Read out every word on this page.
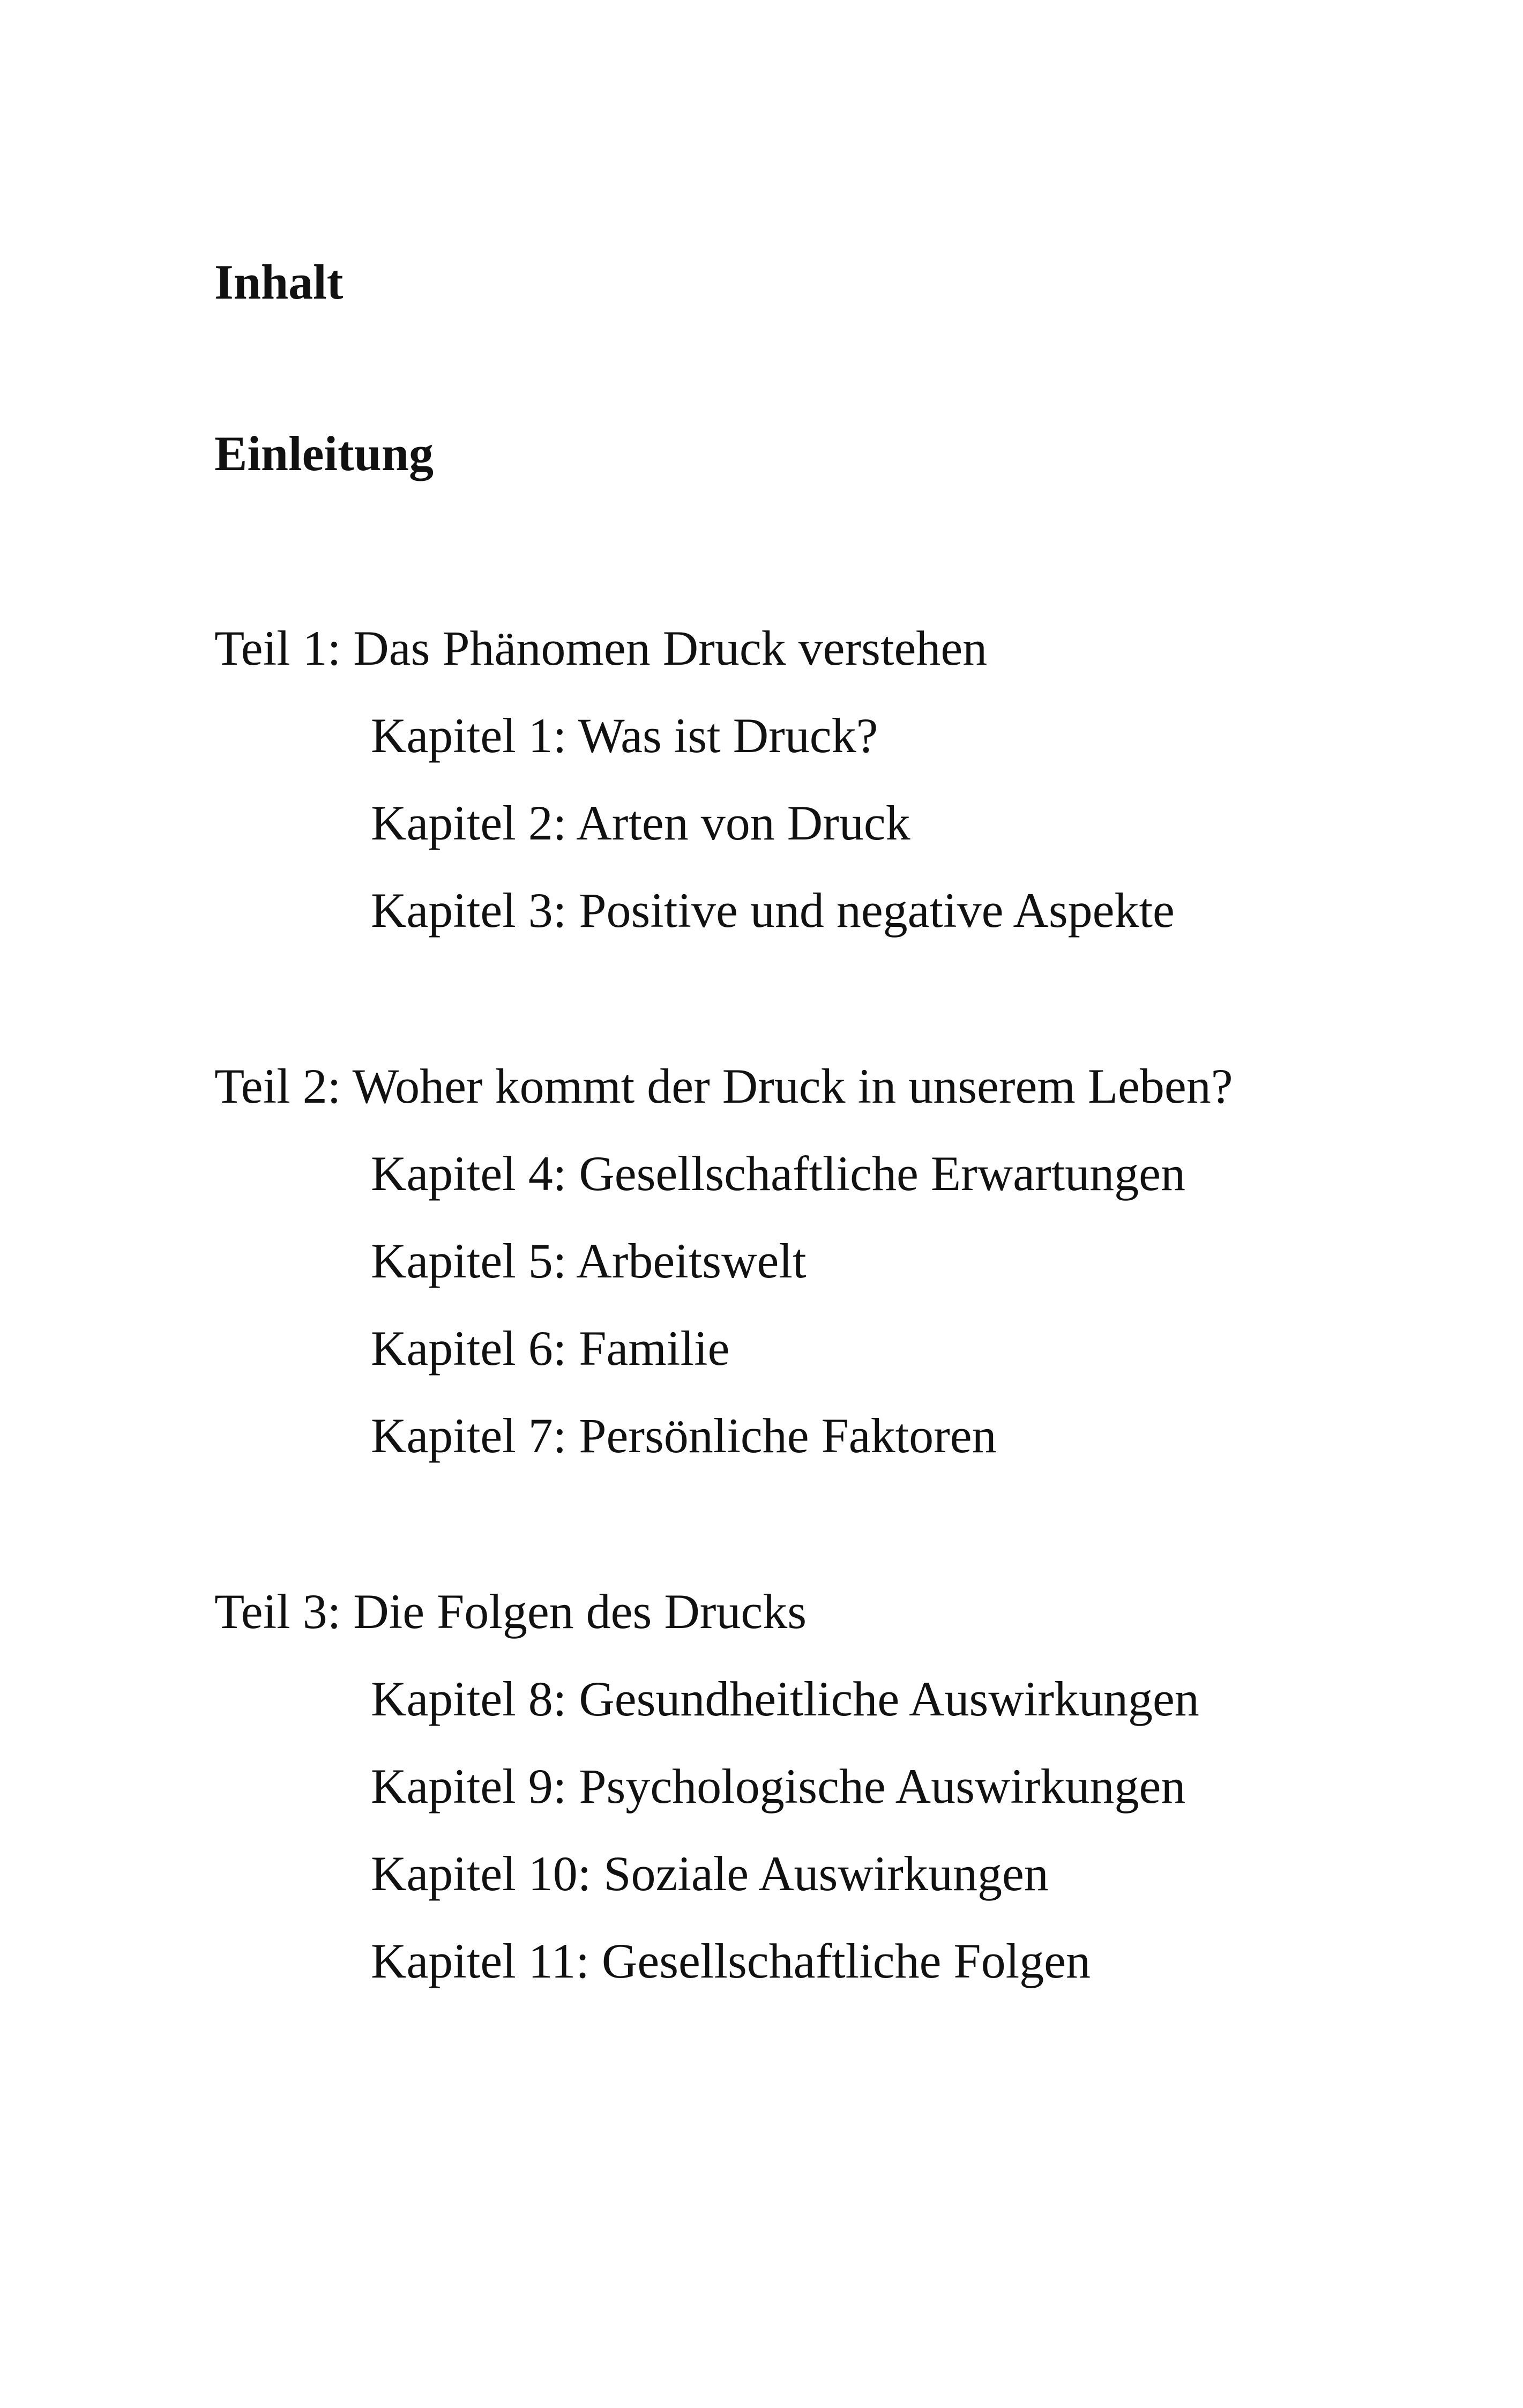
Inhalt
Einleitung
Teil 1: Das Phänomen Druck verstehen
Kapitel 1: Was ist Druck?
Kapitel 2: Arten von Druck
Kapitel 3: Positive und negative Aspekte
Teil 2: Woher kommt der Druck in unserem Leben?
Kapitel 4: Gesellschaftliche Erwartungen
Kapitel 5: Arbeitswelt
Kapitel 6: Familie
Kapitel 7: Persönliche Faktoren
Teil 3: Die Folgen des Drucks
Kapitel 8: Gesundheitliche Auswirkungen
Kapitel 9: Psychologische Auswirkungen
Kapitel 10: Soziale Auswirkungen
Kapitel 11: Gesellschaftliche Folgen
